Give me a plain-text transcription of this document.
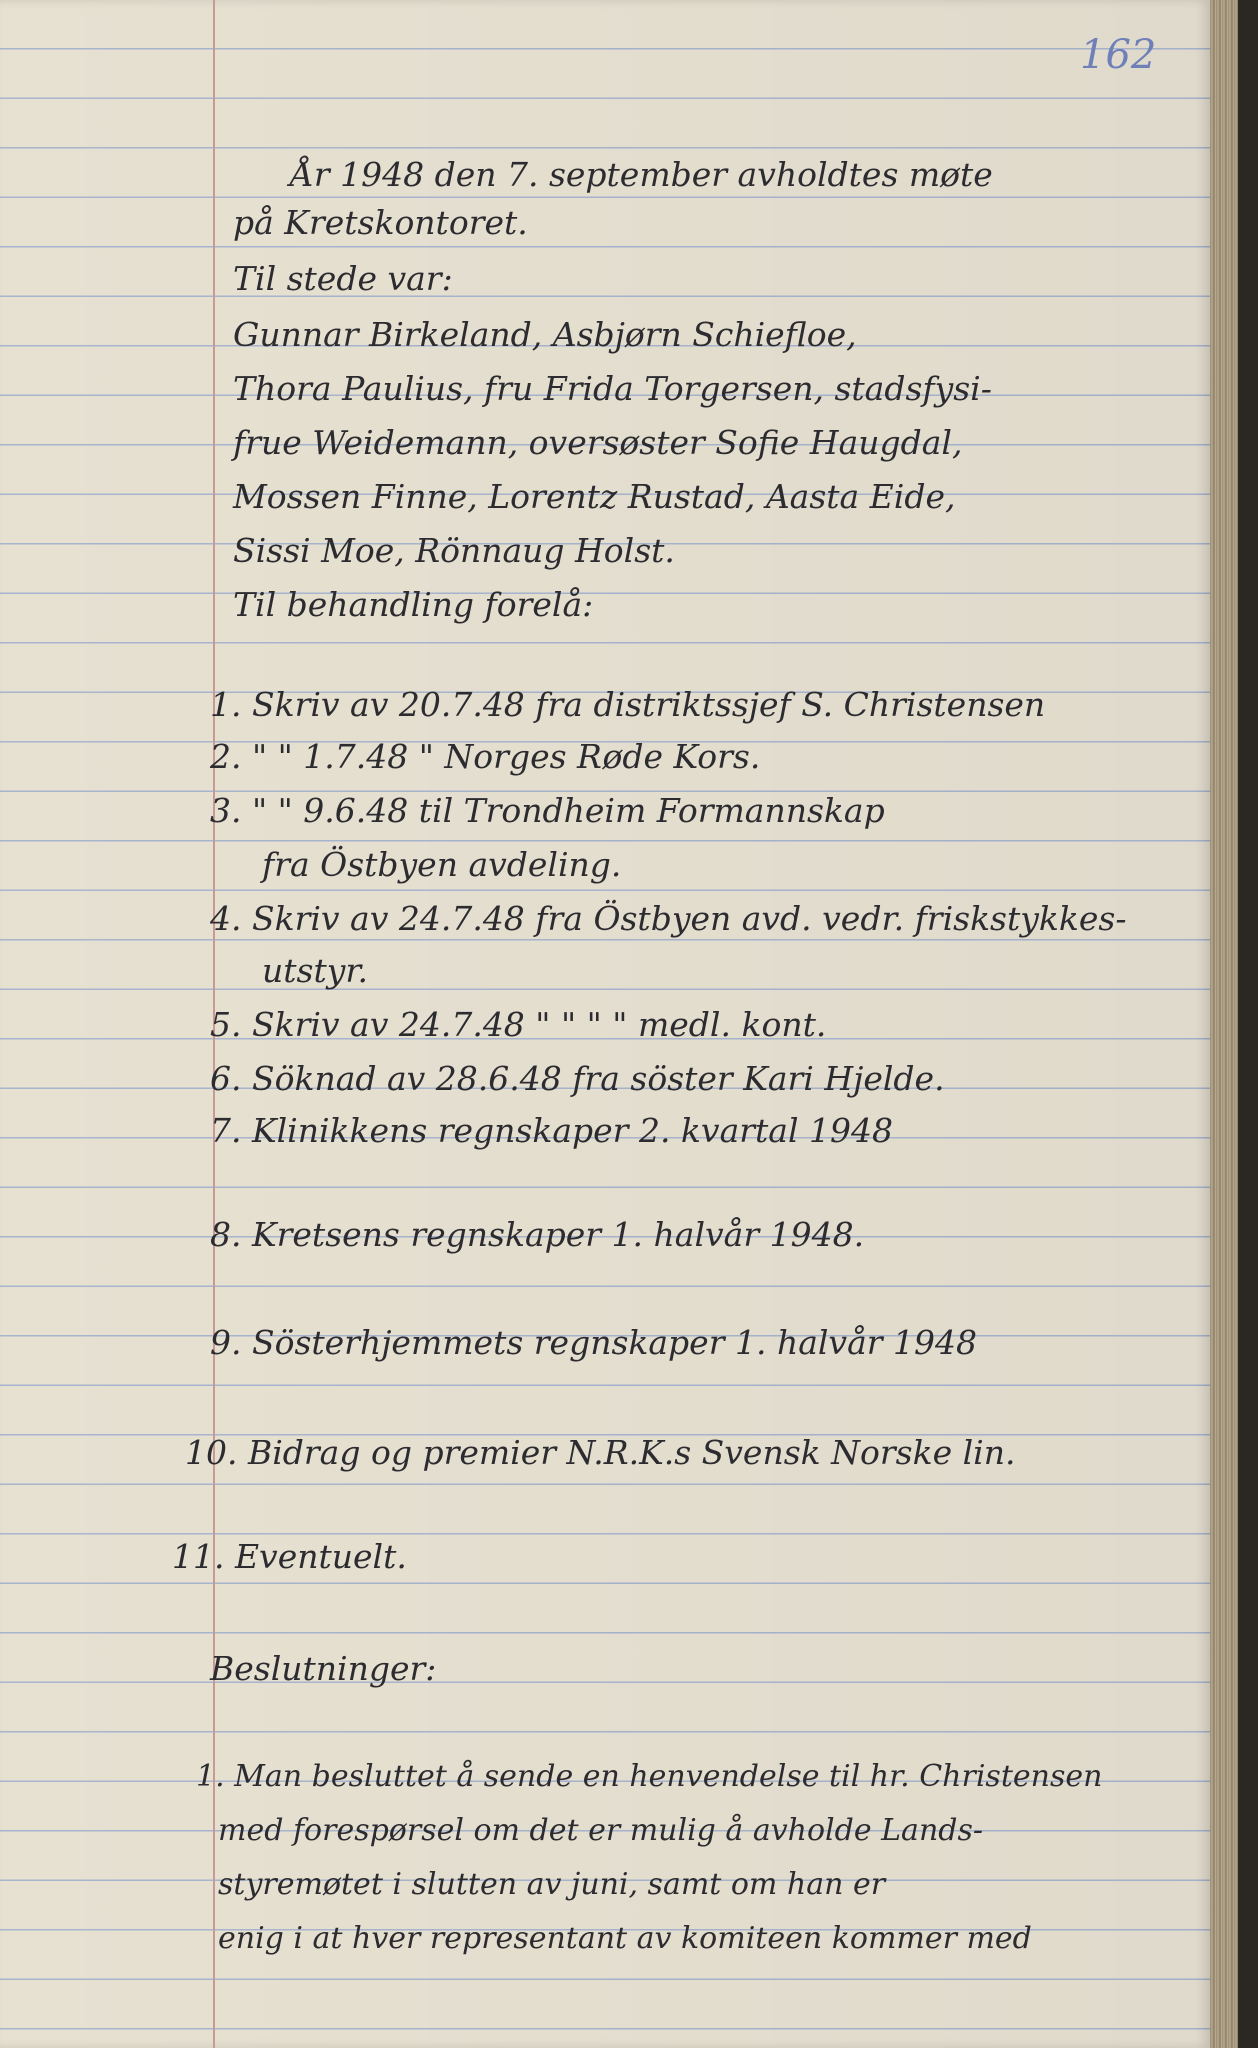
162
År 1948 den 7. september avholdtes møte
på Kretskontoret.
Til stede var:
Gunnar Birkeland, Asbjørn Schiefloe,
Thora Paulius, fru Frida Torgersen, stadsfysi-
frue Weidemann, oversøster Sofie Haugdal,
Mossen Finne, Lorentz Rustad, Aasta Eide,
Sissi Moe, Rönnaug Holst.
Til behandling forelå:
1. Skriv av 20.7.48 fra distriktssjef S. Christensen
2. " " 1.7.48 " Norges Røde Kors.
3. " " 9.6.48 til Trondheim Formannskap
fra Östbyen avdeling.
4. Skriv av 24.7.48 fra Östbyen avd. vedr. friskstykkes-
utstyr.
5. Skriv av 24.7.48 " " " " medl. kont.
6. Söknad av 28.6.48 fra söster Kari Hjelde.
7. Klinikkens regnskaper 2. kvartal 1948
8. Kretsens regnskaper 1. halvår 1948.
9. Sösterhjemmets regnskaper 1. halvår 1948
10. Bidrag og premier N.R.K.s Svensk Norske lin.
11. Eventuelt.
Beslutninger:
1. Man besluttet å sende en henvendelse til hr. Christensen
med forespørsel om det er mulig å avholde Lands-
styremøtet i slutten av juni, samt om han er
enig i at hver representant av komiteen kommer med
